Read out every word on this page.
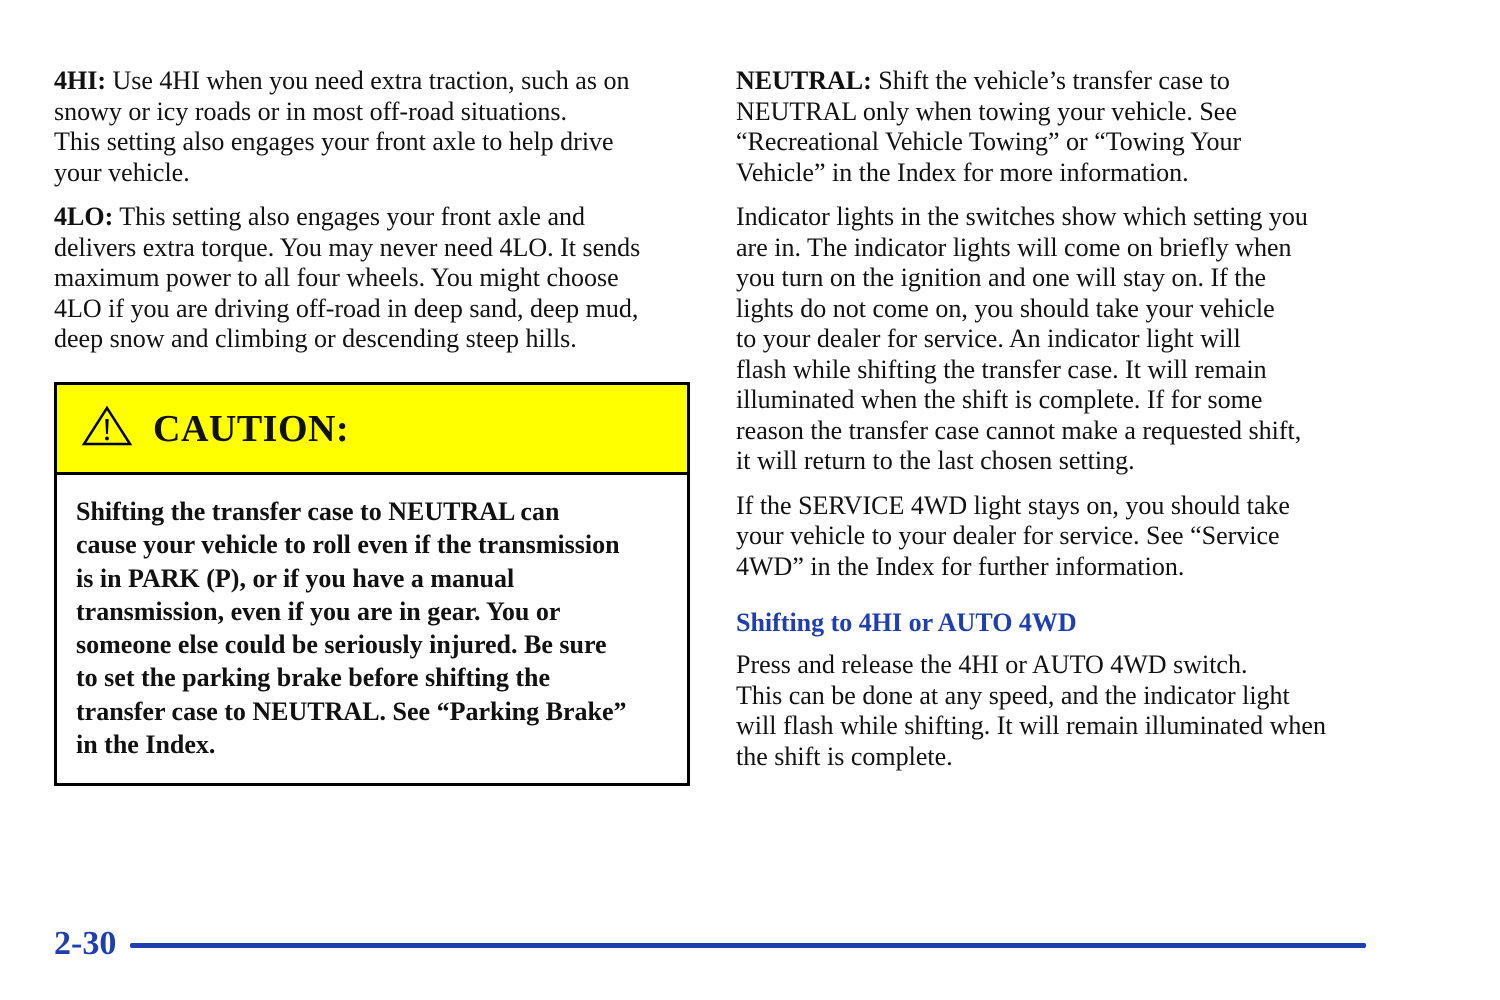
4HI: Use 4HI when you need extra traction, such as on
snowy or icy roads or in most off-road situations.
This setting also engages your front axle to help drive
your vehicle.

4LO: This setting also engages your front axle and
delivers extra torque. You may never need 4LO. It sends
maximum power to all four wheels. You might choose
4LO if you are driving off-road in deep sand, deep mud,
deep snow and climbing or descending steep hills.

CAUTION:
Shifting the transfer case to NEUTRAL can
cause your vehicle to roll even if the transmission
is in PARK (P), or if you have a manual
transmission, even if you are in gear. You or
someone else could be seriously injured. Be sure
to set the parking brake before shifting the
transfer case to NEUTRAL. See “Parking Brake”
in the Index.

NEUTRAL: Shift the vehicle’s transfer case to
NEUTRAL only when towing your vehicle. See
“Recreational Vehicle Towing” or “Towing Your
Vehicle” in the Index for more information.

Indicator lights in the switches show which setting you
are in. The indicator lights will come on briefly when
you turn on the ignition and one will stay on. If the
lights do not come on, you should take your vehicle
to your dealer for service. An indicator light will
flash while shifting the transfer case. It will remain
illuminated when the shift is complete. If for some
reason the transfer case cannot make a requested shift,
it will return to the last chosen setting.

If the SERVICE 4WD light stays on, you should take
your vehicle to your dealer for service. See “Service
4WD” in the Index for further information.

Shifting to 4HI or AUTO 4WD

Press and release the 4HI or AUTO 4WD switch.
This can be done at any speed, and the indicator light
will flash while shifting. It will remain illuminated when
the shift is complete.

2-30
